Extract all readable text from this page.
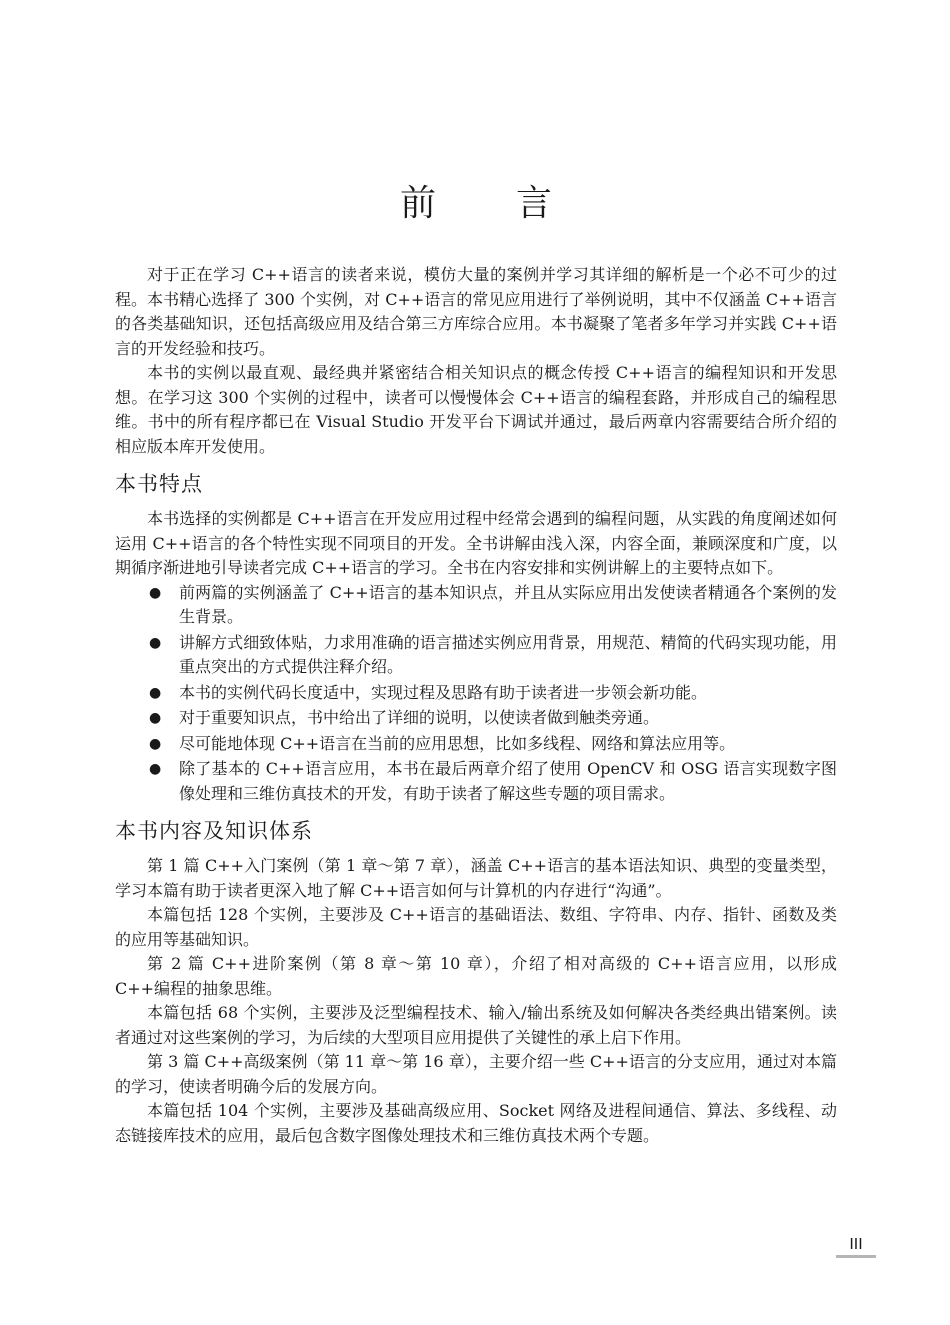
前言

对于正在学习 C++语言的读者来说，模仿大量的案例并学习其详细的解析是一个必不可少的过程。本书精心选择了 300 个实例，对 C++语言的常见应用进行了举例说明，其中不仅涵盖 C++语言的各类基础知识，还包括高级应用及结合第三方库综合应用。本书凝聚了笔者多年学习并实践 C++语言的开发经验和技巧。

本书的实例以最直观、最经典并紧密结合相关知识点的概念传授 C++语言的编程知识和开发思想。在学习这 300 个实例的过程中，读者可以慢慢体会 C++语言的编程套路，并形成自己的编程思维。书中的所有程序都已在 Visual Studio 开发平台下调试并通过，最后两章内容需要结合所介绍的相应版本库开发使用。

本书特点

本书选择的实例都是 C++语言在开发应用过程中经常会遇到的编程问题，从实践的角度阐述如何运用 C++语言的各个特性实现不同项目的开发。全书讲解由浅入深，内容全面，兼顾深度和广度，以期循序渐进地引导读者完成 C++语言的学习。全书在内容安排和实例讲解上的主要特点如下。

● 前两篇的实例涵盖了 C++语言的基本知识点，并且从实际应用出发使读者精通各个案例的发生背景。
● 讲解方式细致体贴，力求用准确的语言描述实例应用背景，用规范、精简的代码实现功能，用重点突出的方式提供注释介绍。
● 本书的实例代码长度适中，实现过程及思路有助于读者进一步领会新功能。
● 对于重要知识点，书中给出了详细的说明，以使读者做到触类旁通。
● 尽可能地体现 C++语言在当前的应用思想，比如多线程、网络和算法应用等。
● 除了基本的 C++语言应用，本书在最后两章介绍了使用 OpenCV 和 OSG 语言实现数字图像处理和三维仿真技术的开发，有助于读者了解这些专题的项目需求。
本书内容及知识体系

第 1 篇 C++入门案例（第 1 章～第 7 章），涵盖 C++语言的基本语法知识、典型的变量类型，学习本篇有助于读者更深入地了解 C++语言如何与计算机的内存进行“沟通”。

本篇包括 128 个实例，主要涉及 C++语言的基础语法、数组、字符串、内存、指针、函数及类的应用等基础知识。

第 2 篇 C++进阶案例（第 8 章～第 10 章），介绍了相对高级的 C++语言应用，以形成 C++编程的抽象思维。

本篇包括 68 个实例，主要涉及泛型编程技术、输入/输出系统及如何解决各类经典出错案例。读者通过对这些案例的学习，为后续的大型项目应用提供了关键性的承上启下作用。

第 3 篇 C++高级案例（第 11 章～第 16 章），主要介绍一些 C++语言的分支应用，通过对本篇的学习，使读者明确今后的发展方向。

本篇包括 104 个实例，主要涉及基础高级应用、Socket 网络及进程间通信、算法、多线程、动态链接库技术的应用，最后包含数字图像处理技术和三维仿真技术两个专题。

III
